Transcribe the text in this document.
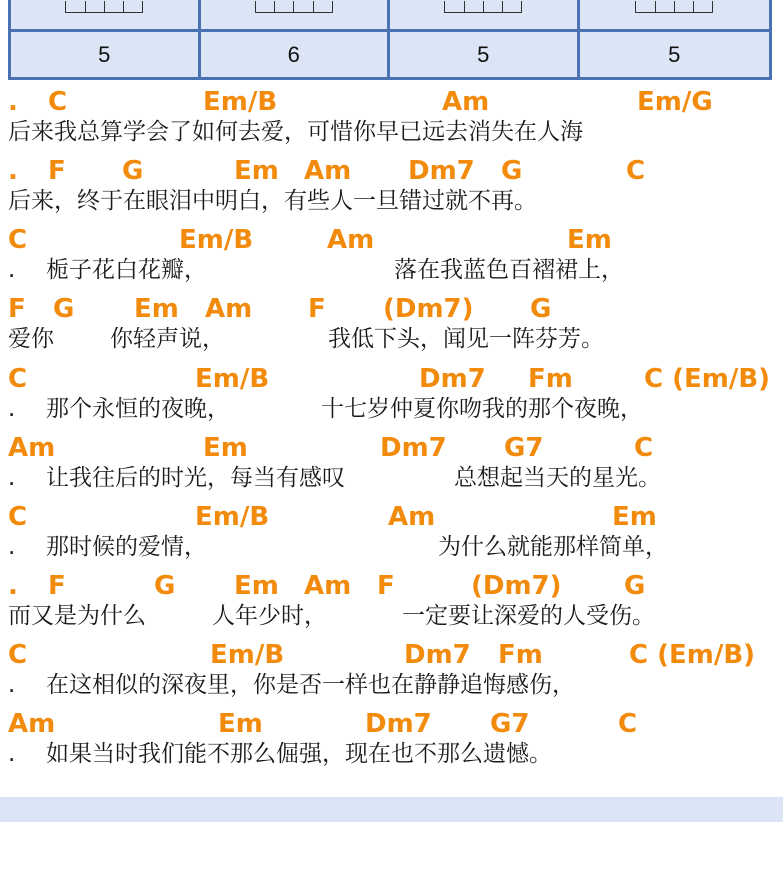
5	6	5	5

.

C

	Em/B

	Am

	Em/G

后来我总算学会了如何去爱，可惜你早已远去消失在人海

.

F

G

	Em

Am

Dm7

G

	C

后来，终于在眼泪中明白，有些人一旦错过就不再。

C

	Em/B

	Am

	Em

.

栀子花白花瓣，

	落在我蓝色百褶裙上，

F

G

Em

Am

F

(Dm7)

G

爱你

你轻声说，

	我低下头，闻见一阵芬芳。

C

	Em/B

	Dm7

Fm

	C (Em/B)

.

那个永恒的夜晚，

	十七岁仲夏你吻我的那个夜晚，

Am

	Em

	Dm7

G7

	C

.

让我往后的时光，每当有感叹

	总想起当天的星光。

C

	Em/B

	Am

	Em

.

那时候的爱情，

	为什么就能那样简单，

.

F

	G

Em

Am

F

	(Dm7)

G

而又是为什么

	人年少时，

	一定要让深爱的人受伤。

C

	Em/B

	Dm7

Fm

	C (Em/B)

.

在这相似的深夜里，你是否一样也在静静追悔感伤，

Am

	Em

	Dm7

G7

	C

.

如果当时我们能不那么倔强，现在也不那么遗憾。
